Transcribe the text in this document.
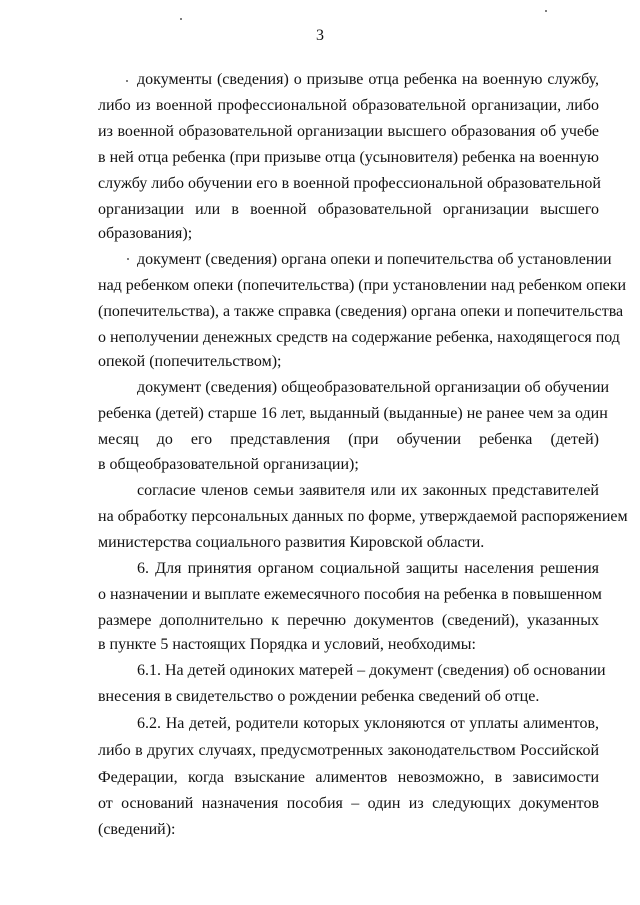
3
документы (сведения) о призыве отца ребенка на военную службу,
либо из военной профессиональной образовательной организации, либо
из военной образовательной организации высшего образования об учебе
в ней отца ребенка (при призыве отца (усыновителя) ребенка на военную
службу либо обучении его в военной профессиональной образовательной
организации или в военной образовательной организации высшего
образования);
документ (сведения) органа опеки и попечительства об установлении
над ребенком опеки (попечительства) (при установлении над ребенком опеки
(попечительства), а также справка (сведения) органа опеки и попечительства
о неполучении денежных средств на содержание ребенка, находящегося под
опекой (попечительством);
документ (сведения) общеобразовательной организации об обучении
ребенка (детей) старше 16 лет, выданный (выданные) не ранее чем за один
месяц до его представления (при обучении ребенка (детей)
в общеобразовательной организации);
согласие членов семьи заявителя или их законных представителей
на обработку персональных данных по форме, утверждаемой распоряжением
министерства социального развития Кировской области.
6. Для принятия органом социальной защиты населения решения
о назначении и выплате ежемесячного пособия на ребенка в повышенном
размере дополнительно к перечню документов (сведений), указанных
в пункте 5 настоящих Порядка и условий, необходимы:
6.1. На детей одиноких матерей – документ (сведения) об основании
внесения в свидетельство о рождении ребенка сведений об отце.
6.2. На детей, родители которых уклоняются от уплаты алиментов,
либо в других случаях, предусмотренных законодательством Российской
Федерации, когда взыскание алиментов невозможно, в зависимости
от оснований назначения пособия – один из следующих документов
(сведений):
